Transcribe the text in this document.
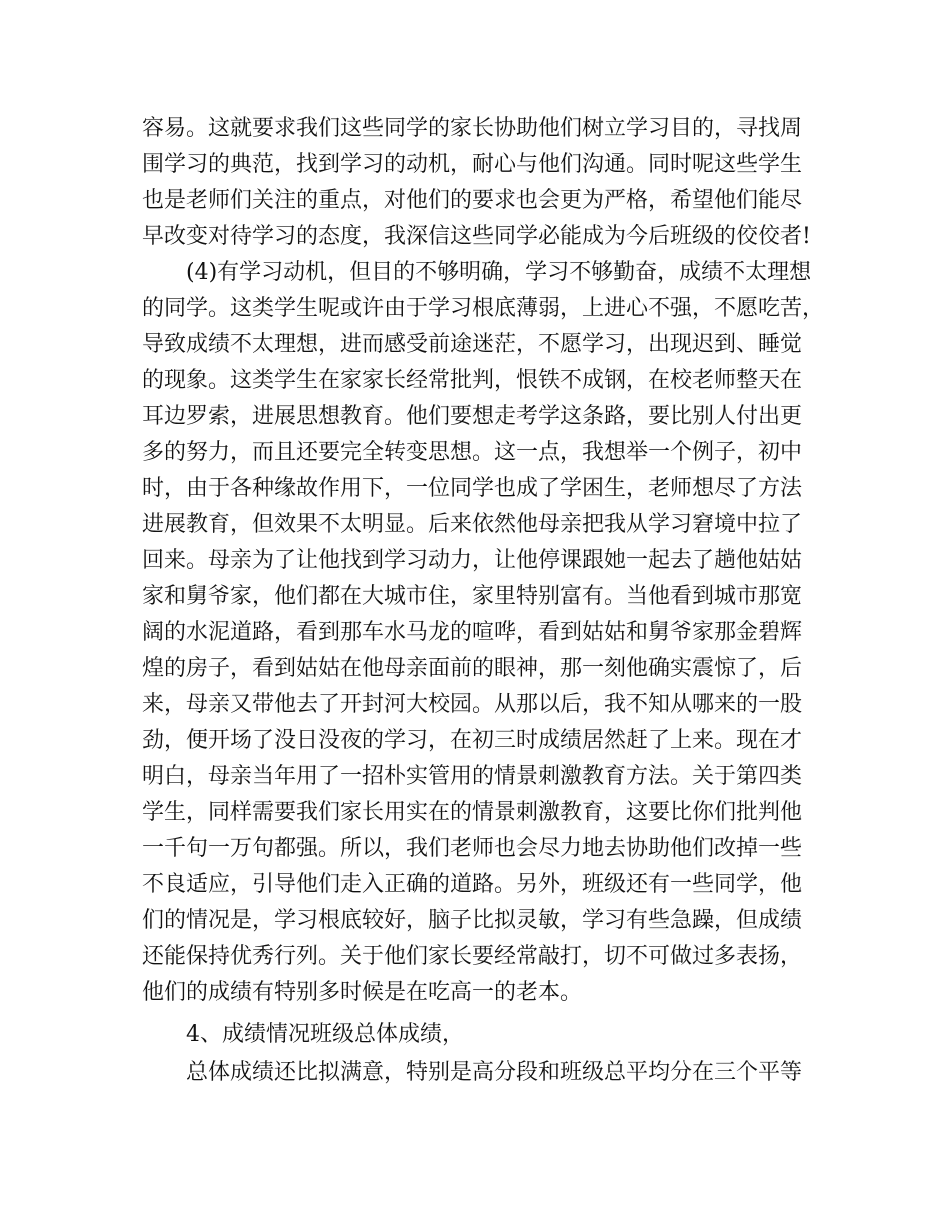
容易。这就要求我们这些同学的家长协助他们树立学习目的，寻找周
围学习的典范，找到学习的动机，耐心与他们沟通。同时呢这些学生
也是老师们关注的重点，对他们的要求也会更为严格，希望他们能尽
早改变对待学习的态度，我深信这些同学必能成为今后班级的佼佼者!
(4)有学习动机，但目的不够明确，学习不够勤奋，成绩不太理想
的同学。这类学生呢或许由于学习根底薄弱，上进心不强，不愿吃苦，
导致成绩不太理想，进而感受前途迷茫，不愿学习，出现迟到、睡觉
的现象。这类学生在家家长经常批判，恨铁不成钢，在校老师整天在
耳边罗索，进展思想教育。他们要想走考学这条路，要比别人付出更
多的努力，而且还要完全转变思想。这一点，我想举一个例子，初中
时，由于各种缘故作用下，一位同学也成了学困生，老师想尽了方法
进展教育，但效果不太明显。后来依然他母亲把我从学习窘境中拉了
回来。母亲为了让他找到学习动力，让他停课跟她一起去了趟他姑姑
家和舅爷家，他们都在大城市住，家里特别富有。当他看到城市那宽
阔的水泥道路，看到那车水马龙的喧哗，看到姑姑和舅爷家那金碧辉
煌的房子，看到姑姑在他母亲面前的眼神，那一刻他确实震惊了，后
来，母亲又带他去了开封河大校园。从那以后，我不知从哪来的一股
劲，便开场了没日没夜的学习，在初三时成绩居然赶了上来。现在才
明白，母亲当年用了一招朴实管用的情景刺激教育方法。关于第四类
学生，同样需要我们家长用实在的情景刺激教育，这要比你们批判他
一千句一万句都强。所以，我们老师也会尽力地去协助他们改掉一些
不良适应，引导他们走入正确的道路。另外，班级还有一些同学，他
们的情况是，学习根底较好，脑子比拟灵敏，学习有些急躁，但成绩
还能保持优秀行列。关于他们家长要经常敲打，切不可做过多表扬，
他们的成绩有特别多时候是在吃高一的老本。
4、成绩情况班级总体成绩，
总体成绩还比拟满意，特别是高分段和班级总平均分在三个平等
